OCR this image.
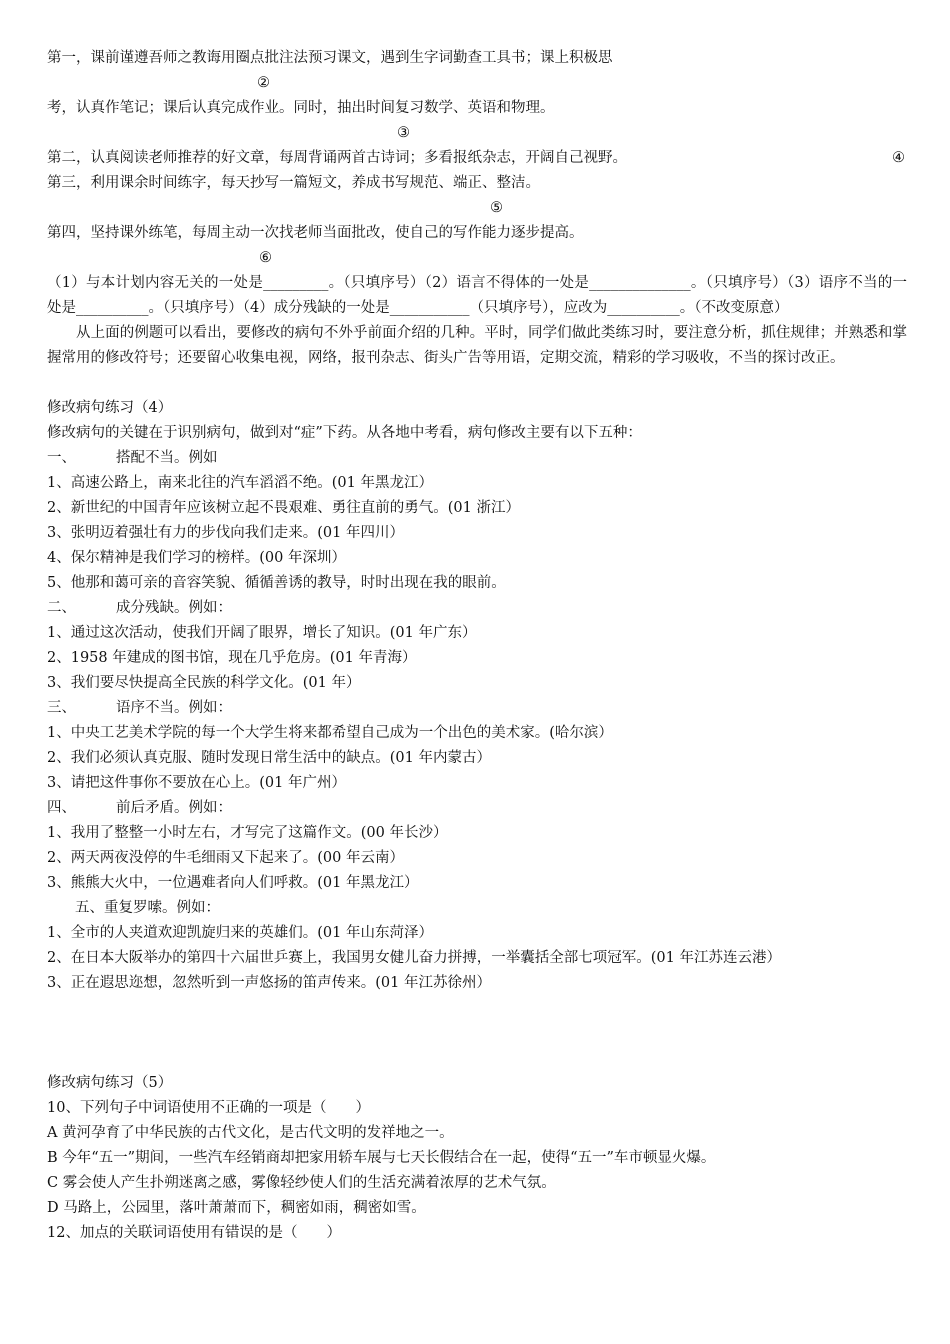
第一，课前谨遵吾师之教诲用圈点批注法预习课文，遇到生字词勤查工具书；课上积极思
②
考，认真作笔记；课后认真完成作业。同时，抽出时间复习数学、英语和物理。
③
第二，认真阅读老师推荐的好文章，每周背诵两首古诗词；多看报纸杂志，开阔自己视野。	④
第三，利用课余时间练字，每天抄写一篇短文，养成书写规范、端正、整洁。
⑤
第四，坚持课外练笔，每周主动一次找老师当面批改，使自己的写作能力逐步提高。
⑥
（1）与本计划内容无关的一处是_________。（只填序号）（2）语言不得体的一处是______________。（只填序号）（3）语序不当的一处是__________。（只填序号）（4）成分残缺的一处是___________（只填序号），应改为__________。（不改变原意）
从上面的例题可以看出，要修改的病句不外乎前面介绍的几种。平时，同学们做此类练习时，要注意分析，抓住规律；并熟悉和掌握常用的修改符号；还要留心收集电视，网络，报刊杂志、街头广告等用语，定期交流，精彩的学习吸收，不当的探讨改正。
修改病句练习（4）
修改病句的关键在于识别病句，做到对“症”下药。从各地中考看，病句修改主要有以下五种：
一、	搭配不当。例如
1、高速公路上，南来北往的汽车滔滔不绝。(01 年黑龙江）
2、新世纪的中国青年应该树立起不畏艰难、勇往直前的勇气。(01 浙江）
3、张明迈着强壮有力的步伐向我们走来。(01 年四川）
4、保尔精神是我们学习的榜样。(00 年深圳）
5、他那和蔼可亲的音容笑貌、循循善诱的教导，时时出现在我的眼前。
二、	成分残缺。例如：
1、通过这次活动，使我们开阔了眼界，增长了知识。(01 年广东）
2、1958 年建成的图书馆，现在几乎危房。(01 年青海）
3、我们要尽快提高全民族的科学文化。(01 年）
三、	语序不当。例如：
1、中央工艺美术学院的每一个大学生将来都希望自己成为一个出色的美术家。(哈尔滨）
2、我们必须认真克服、随时发现日常生活中的缺点。(01 年内蒙古）
3、请把这件事你不要放在心上。(01 年广州）
四、	前后矛盾。例如：
1、我用了整整一小时左右，才写完了这篇作文。(00 年长沙）
2、两天两夜没停的牛毛细雨又下起来了。(00 年云南）
3、熊熊大火中，一位遇难者向人们呼救。(01 年黑龙江）
五、重复罗嗦。例如：
1、全市的人夹道欢迎凯旋归来的英雄们。(01 年山东菏泽）
2、在日本大阪举办的第四十六届世乒赛上，我国男女健儿奋力拼搏，一举囊括全部七项冠军。(01 年江苏连云港）
3、正在遐思迩想，忽然听到一声悠扬的笛声传来。(01 年江苏徐州）
修改病句练习（5）
10、下列句子中词语使用不正确的一项是（　　）
A 黄河孕育了中华民族的古代文化，是古代文明的发祥地之一。
B 今年“五一”期间，一些汽车经销商却把家用轿车展与七天长假结合在一起，使得“五一”车市顿显火爆。
C 雾会使人产生扑朔迷离之感，雾像轻纱使人们的生活充满着浓厚的艺术气氛。
D 马路上，公园里，落叶萧萧而下，稠密如雨，稠密如雪。
12、加点的关联词语使用有错误的是（　　）
